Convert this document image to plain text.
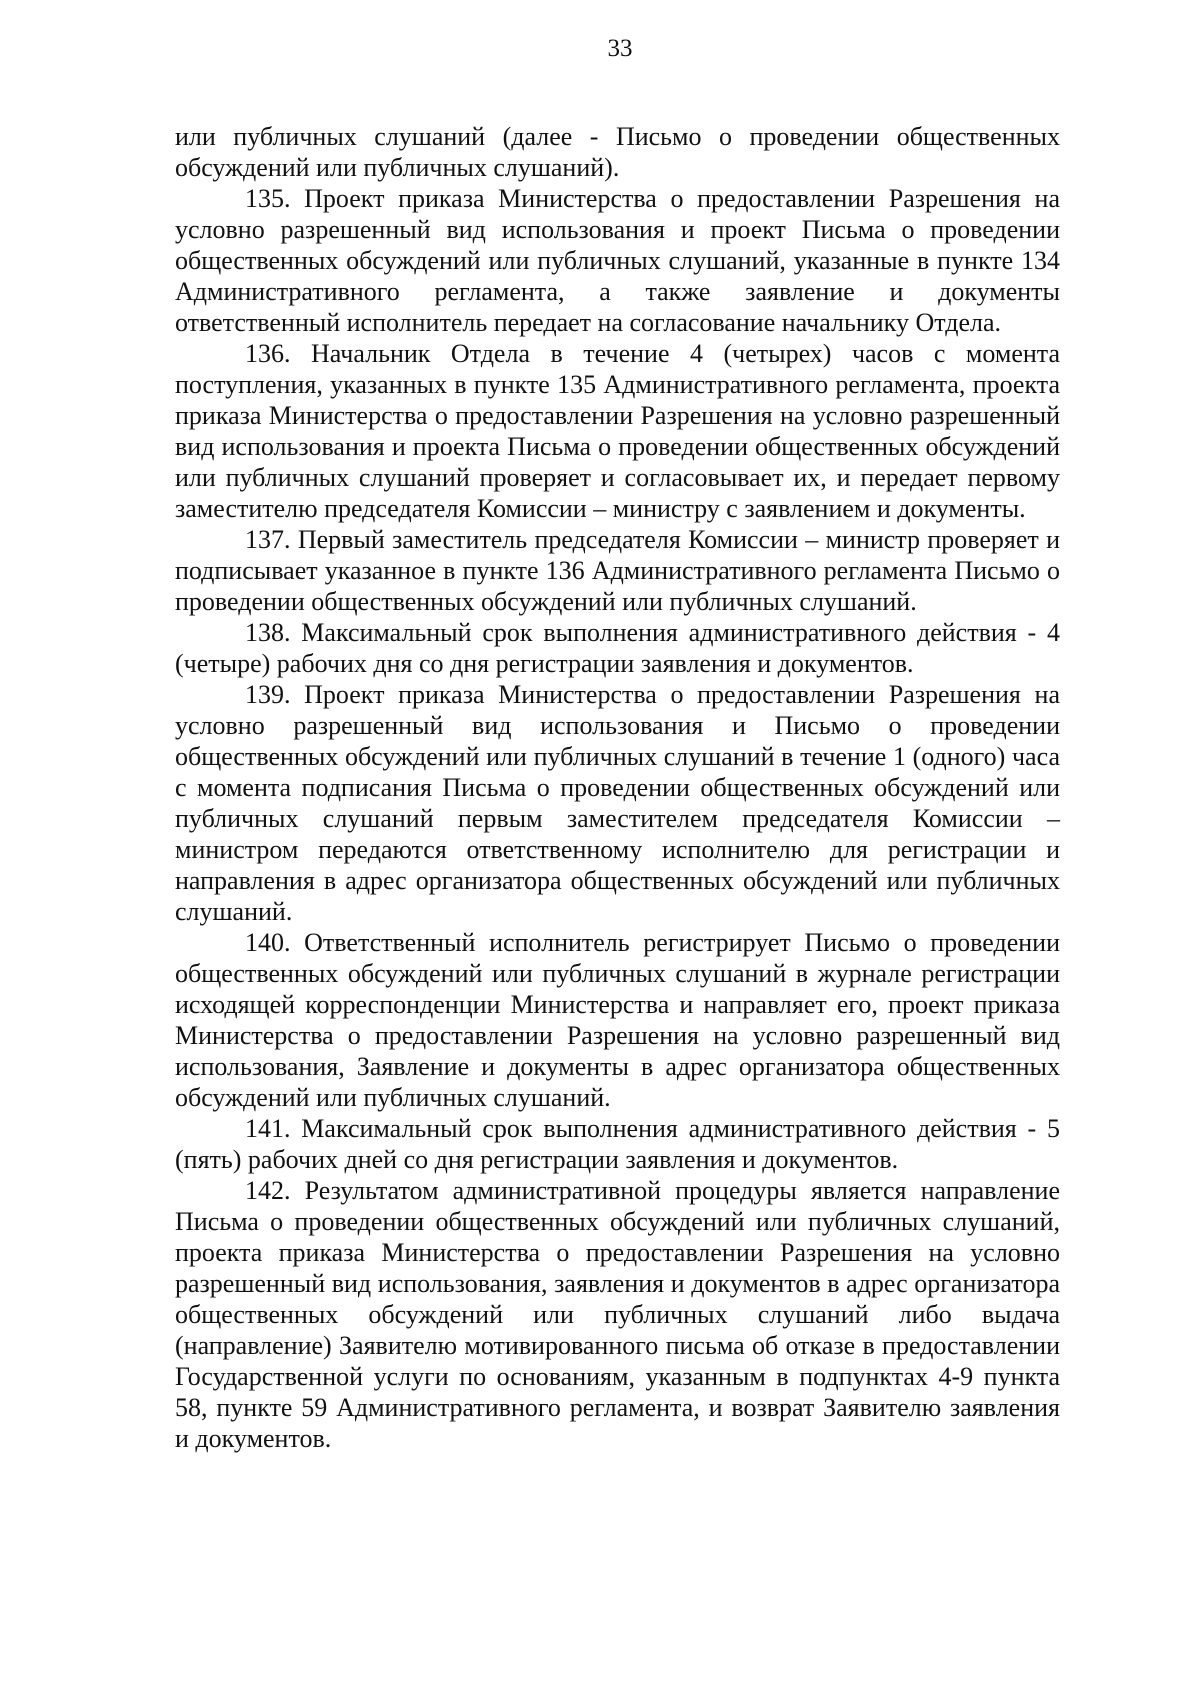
33

или публичных слушаний (далее - Письмо о проведении общественных обсуждений или публичных слушаний).

135. Проект приказа Министерства о предоставлении Разрешения на условно разрешенный вид использования и проект Письма о проведении общественных обсуждений или публичных слушаний, указанные в пункте 134 Административного регламента, а также заявление и документы ответственный исполнитель передает на согласование начальнику Отдела.

136. Начальник Отдела в течение 4 (четырех) часов с момента поступления, указанных в пункте 135 Административного регламента, проекта приказа Министерства о предоставлении Разрешения на условно разрешенный вид использования и проекта Письма о проведении общественных обсуждений или публичных слушаний проверяет и согласовывает их, и передает первому заместителю председателя Комиссии – министру с заявлением и документы.

137. Первый заместитель председателя Комиссии – министр проверяет и подписывает указанное в пункте 136 Административного регламента Письмо о проведении общественных обсуждений или публичных слушаний.

138. Максимальный срок выполнения административного действия - 4 (четыре) рабочих дня со дня регистрации заявления и документов.

139. Проект приказа Министерства о предоставлении Разрешения на условно разрешенный вид использования и Письмо о проведении общественных обсуждений или публичных слушаний в течение 1 (одного) часа с момента подписания Письма о проведении общественных обсуждений или публичных слушаний первым заместителем председателя Комиссии – министром передаются ответственному исполнителю для регистрации и направления в адрес организатора общественных обсуждений или публичных слушаний.

140. Ответственный исполнитель регистрирует Письмо о проведении общественных обсуждений или публичных слушаний в журнале регистрации исходящей корреспонденции Министерства и направляет его, проект приказа Министерства о предоставлении Разрешения на условно разрешенный вид использования, Заявление и документы в адрес организатора общественных обсуждений или публичных слушаний.

141. Максимальный срок выполнения административного действия - 5 (пять) рабочих дней со дня регистрации заявления и документов.

142. Результатом административной процедуры является направление Письма о проведении общественных обсуждений или публичных слушаний, проекта приказа Министерства о предоставлении Разрешения на условно разрешенный вид использования, заявления и документов в адрес организатора общественных обсуждений или публичных слушаний либо выдача (направление) Заявителю мотивированного письма об отказе в предоставлении Государственной услуги по основаниям, указанным в подпунктах 4-9 пункта 58, пункте 59 Административного регламента, и возврат Заявителю заявления и документов.
